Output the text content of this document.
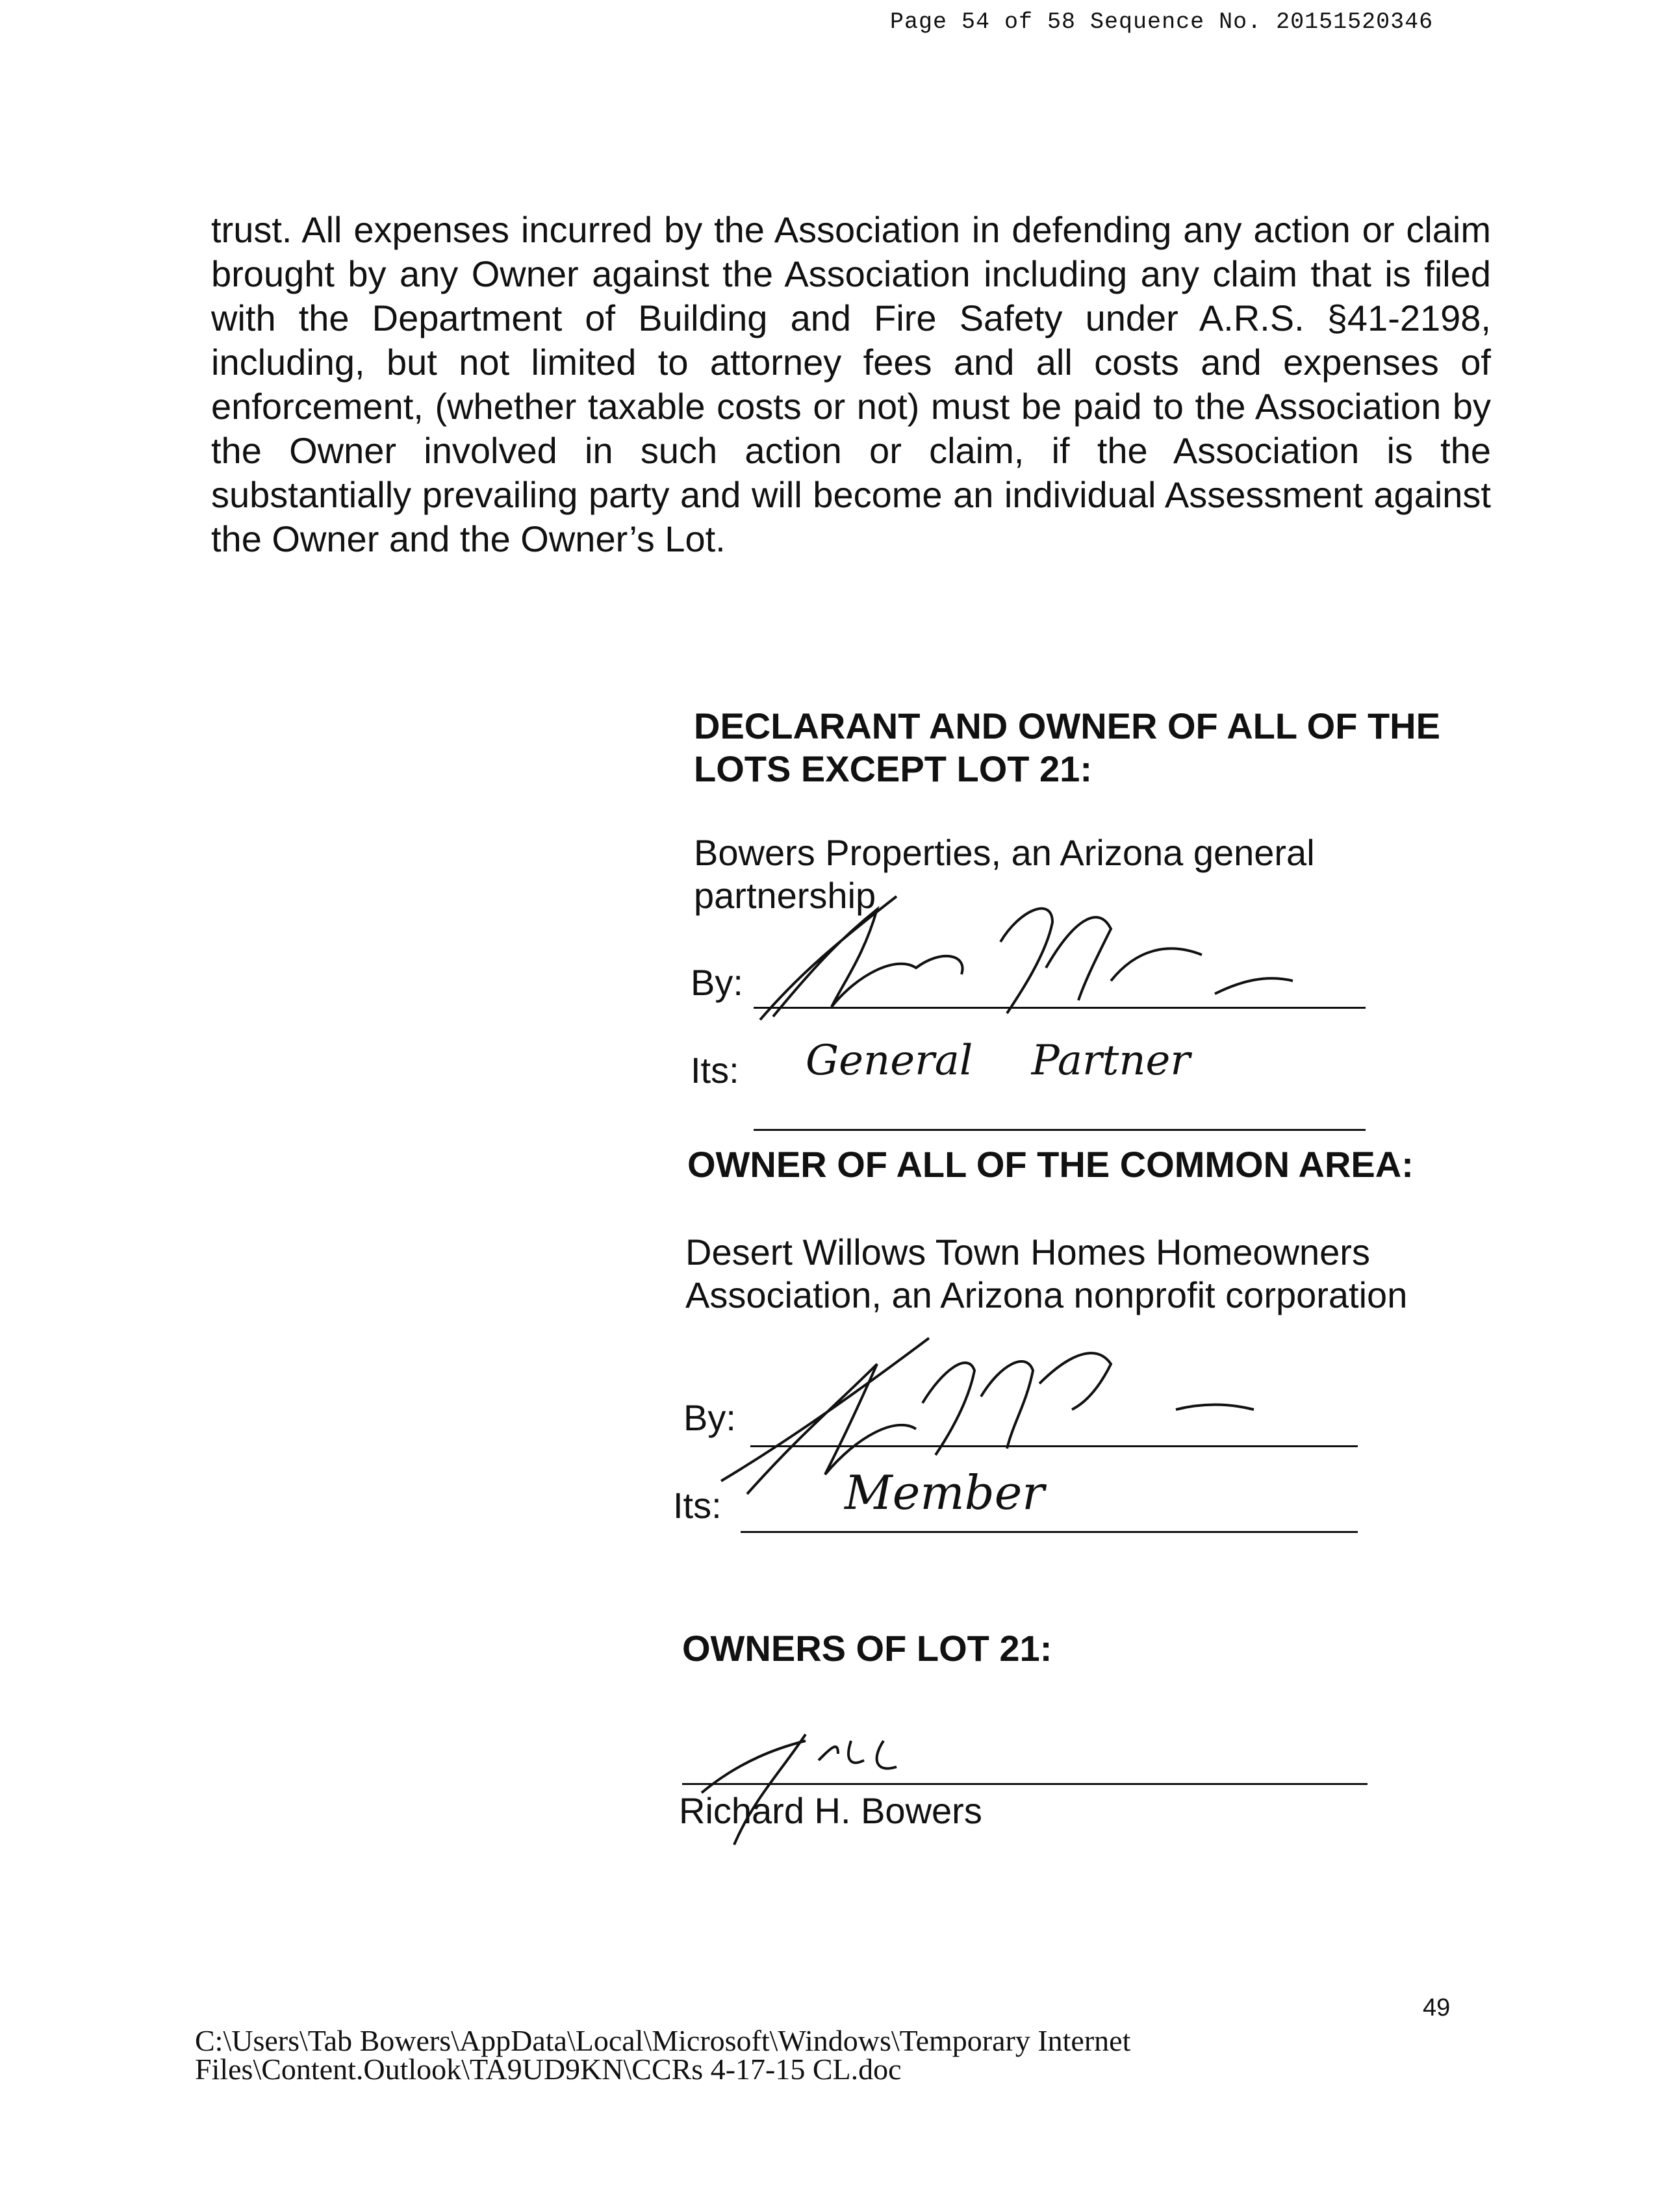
Page 54 of 58 Sequence No. 20151520346
trust. All expenses incurred by the Association in defending any action or claim brought by any Owner against the Association including any claim that is filed with the Department of Building and Fire Safety under A.R.S. §41-2198, including, but not limited to attorney fees and all costs and expenses of enforcement, (whether taxable costs or not) must be paid to the Association by the Owner involved in such action or claim, if the Association is the substantially prevailing party and will become an individual Assessment against the Owner and the Owner’s Lot.
DECLARANT AND OWNER OF ALL OF THE LOTS EXCEPT LOT 21:
Bowers Properties, an Arizona general partnership
By:
Its: General Partner
OWNER OF ALL OF THE COMMON AREA:
Desert Willows Town Homes Homeowners Association, an Arizona nonprofit corporation
By:
Its:	Member
OWNERS OF LOT 21:
Richard H. Bowers
49
C:\Users\Tab Bowers\AppData\Local\Microsoft\Windows\Temporary Internet
Files\Content.Outlook\TA9UD9KN\CCRs 4-17-15 CL.doc
